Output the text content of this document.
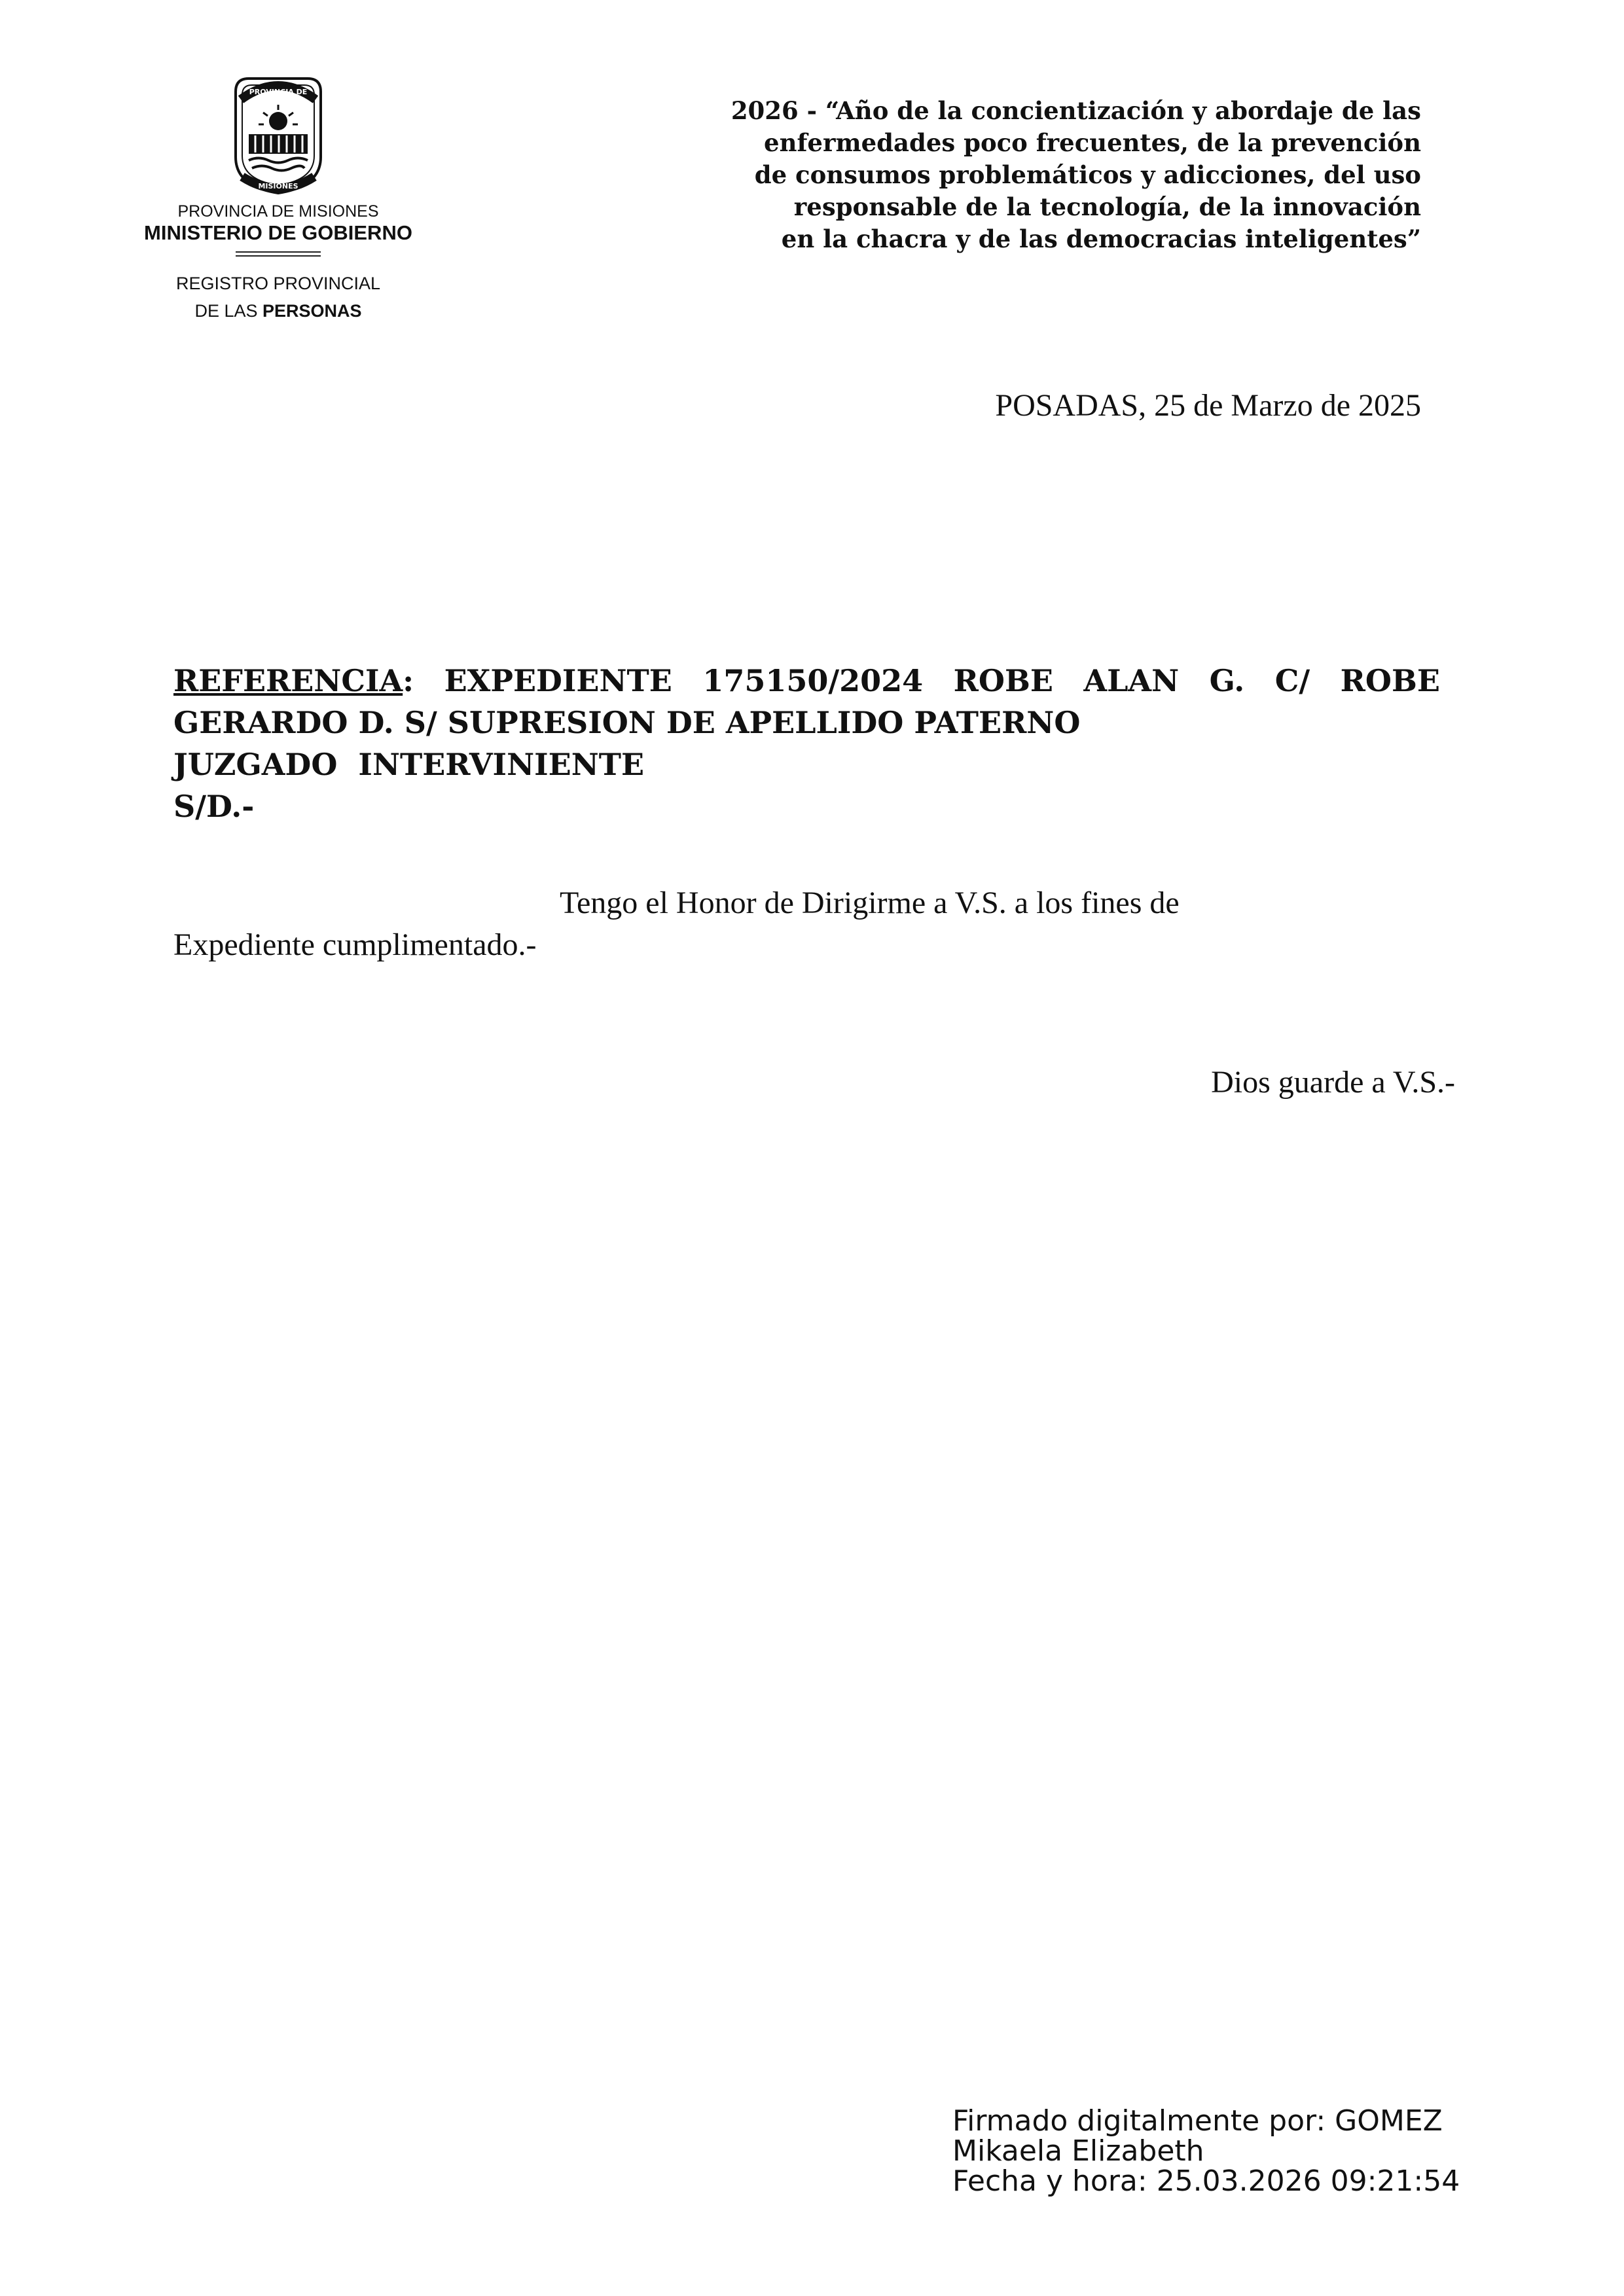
PROVINCIA DE
MISIONES
PROVINCIA DE MISIONES
MINISTERIO DE GOBIERNO
REGISTRO PROVINCIAL
DE LAS PERSONAS
2026 - “Año de la concientización y abordaje de las
enfermedades poco frecuentes, de la prevención
de consumos problemáticos y adicciones, del uso
responsable de la tecnología, de la innovación
en la chacra y de las democracias inteligentes”
POSADAS, 25 de Marzo de 2025
REFERENCIA: EXPEDIENTE 175150/2024 ROBE ALAN G. C/ ROBE
GERARDO D. S/ SUPRESION DE APELLIDO PATERNO
JUZGADO  INTERVINIENTE
S/D.-
Tengo el Honor de Dirigirme a V.S. a los fines de
Expediente cumplimentado.-
Dios guarde a V.S.-
Firmado digitalmente por: GOMEZ
Mikaela Elizabeth
Fecha y hora: 25.03.2026 09:21:54
